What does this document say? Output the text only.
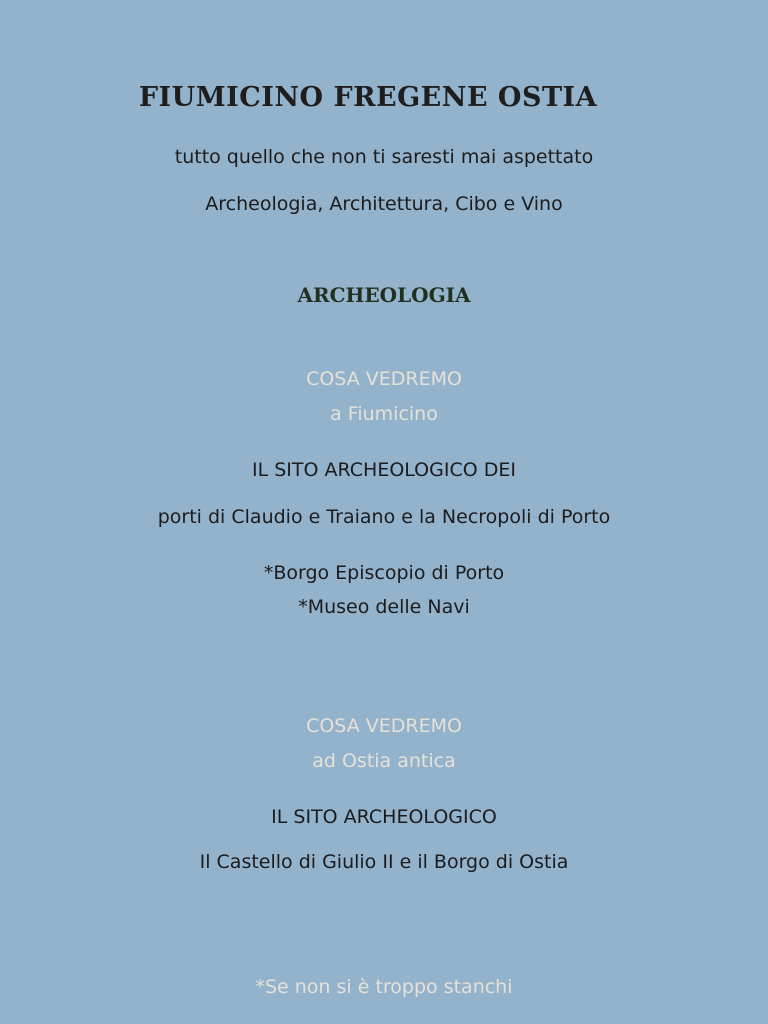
FIUMICINO FREGENE OSTIA
tutto quello che non ti saresti mai aspettato
Archeologia, Architettura, Cibo e Vino
ARCHEOLOGIA
COSA VEDREMO
a Fiumicino
IL SITO ARCHEOLOGICO DEI
porti di Claudio e Traiano e la Necropoli di Porto
*Borgo Episcopio di Porto
*Museo delle Navi
COSA VEDREMO
ad Ostia antica
IL SITO ARCHEOLOGICO
Il Castello di Giulio II e il Borgo di Ostia
*Se non si è troppo stanchi
